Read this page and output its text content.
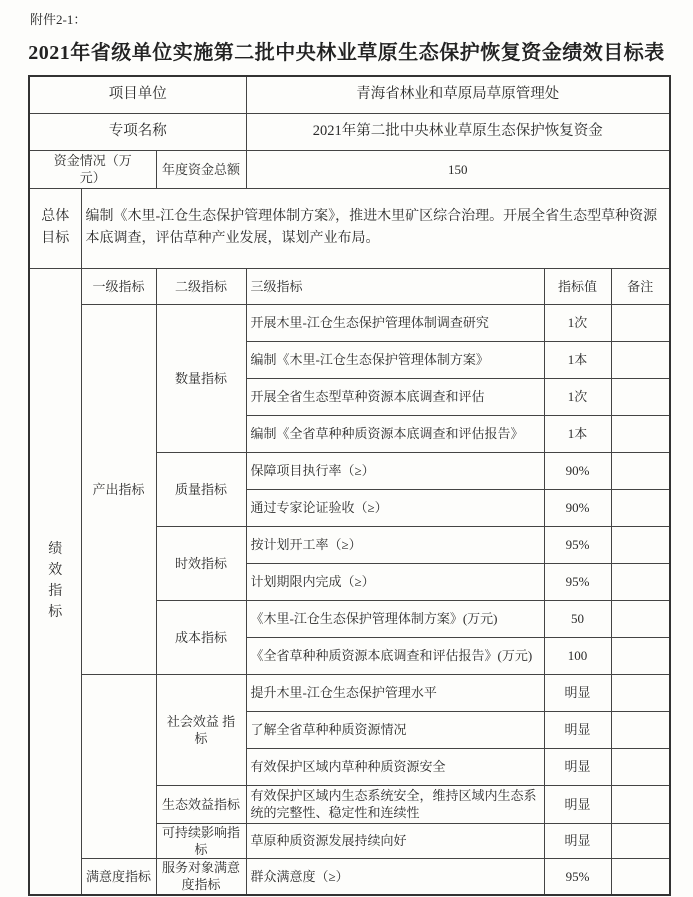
附件2-1：
2021年省级单位实施第二批中央林业草原生态保护恢复资金绩效目标表
项目单位			青海省林业和草原局草原管理处		
专项名称			2021年第二批中央林业草原生态保护恢复资金		
资金情况（万元）		年度资金总额	150		
总体目标	编制《木里-江仓生态保护管理体制方案》，推进木里矿区综合治理。开展全省生态型草种资源本底调查，评估草种产业发展，谋划产业布局。				

绩效指标	一级指标	二级指标	三级指标	指标值	备注
	产出指标	数量指标	开展木里-江仓生态保护管理体制调查研究	1次	
			编制《木里-江仓生态保护管理体制方案》	1本	
			开展全省生态型草种资源本底调查和评估	1次	
			编制《全省草种种质资源本底调查和评估报告》	1本	
		质量指标	保障项目执行率（≥）	90%	
			通过专家论证验收（≥）	90%	
		时效指标	按计划开工率（≥）	95%	
			计划期限内完成（≥）	95%	
		成本指标	《木里-江仓生态保护管理体制方案》(万元)	50	
			《全省草种种质资源本底调查和评估报告》(万元)	100	
		社会效益 指标	提升木里-江仓生态保护管理水平	明显	
			了解全省草种种质资源情况	明显	
			有效保护区域内草种种质资源安全	明显	
		生态效益指标	有效保护区域内生态系统安全，维持区域内生态系统的完整性、稳定性和连续性	明显	
		可持续影响指标	草原种质资源发展持续向好	明显	
	满意度指标	服务对象满意度指标	群众满意度（≥）	95%	
